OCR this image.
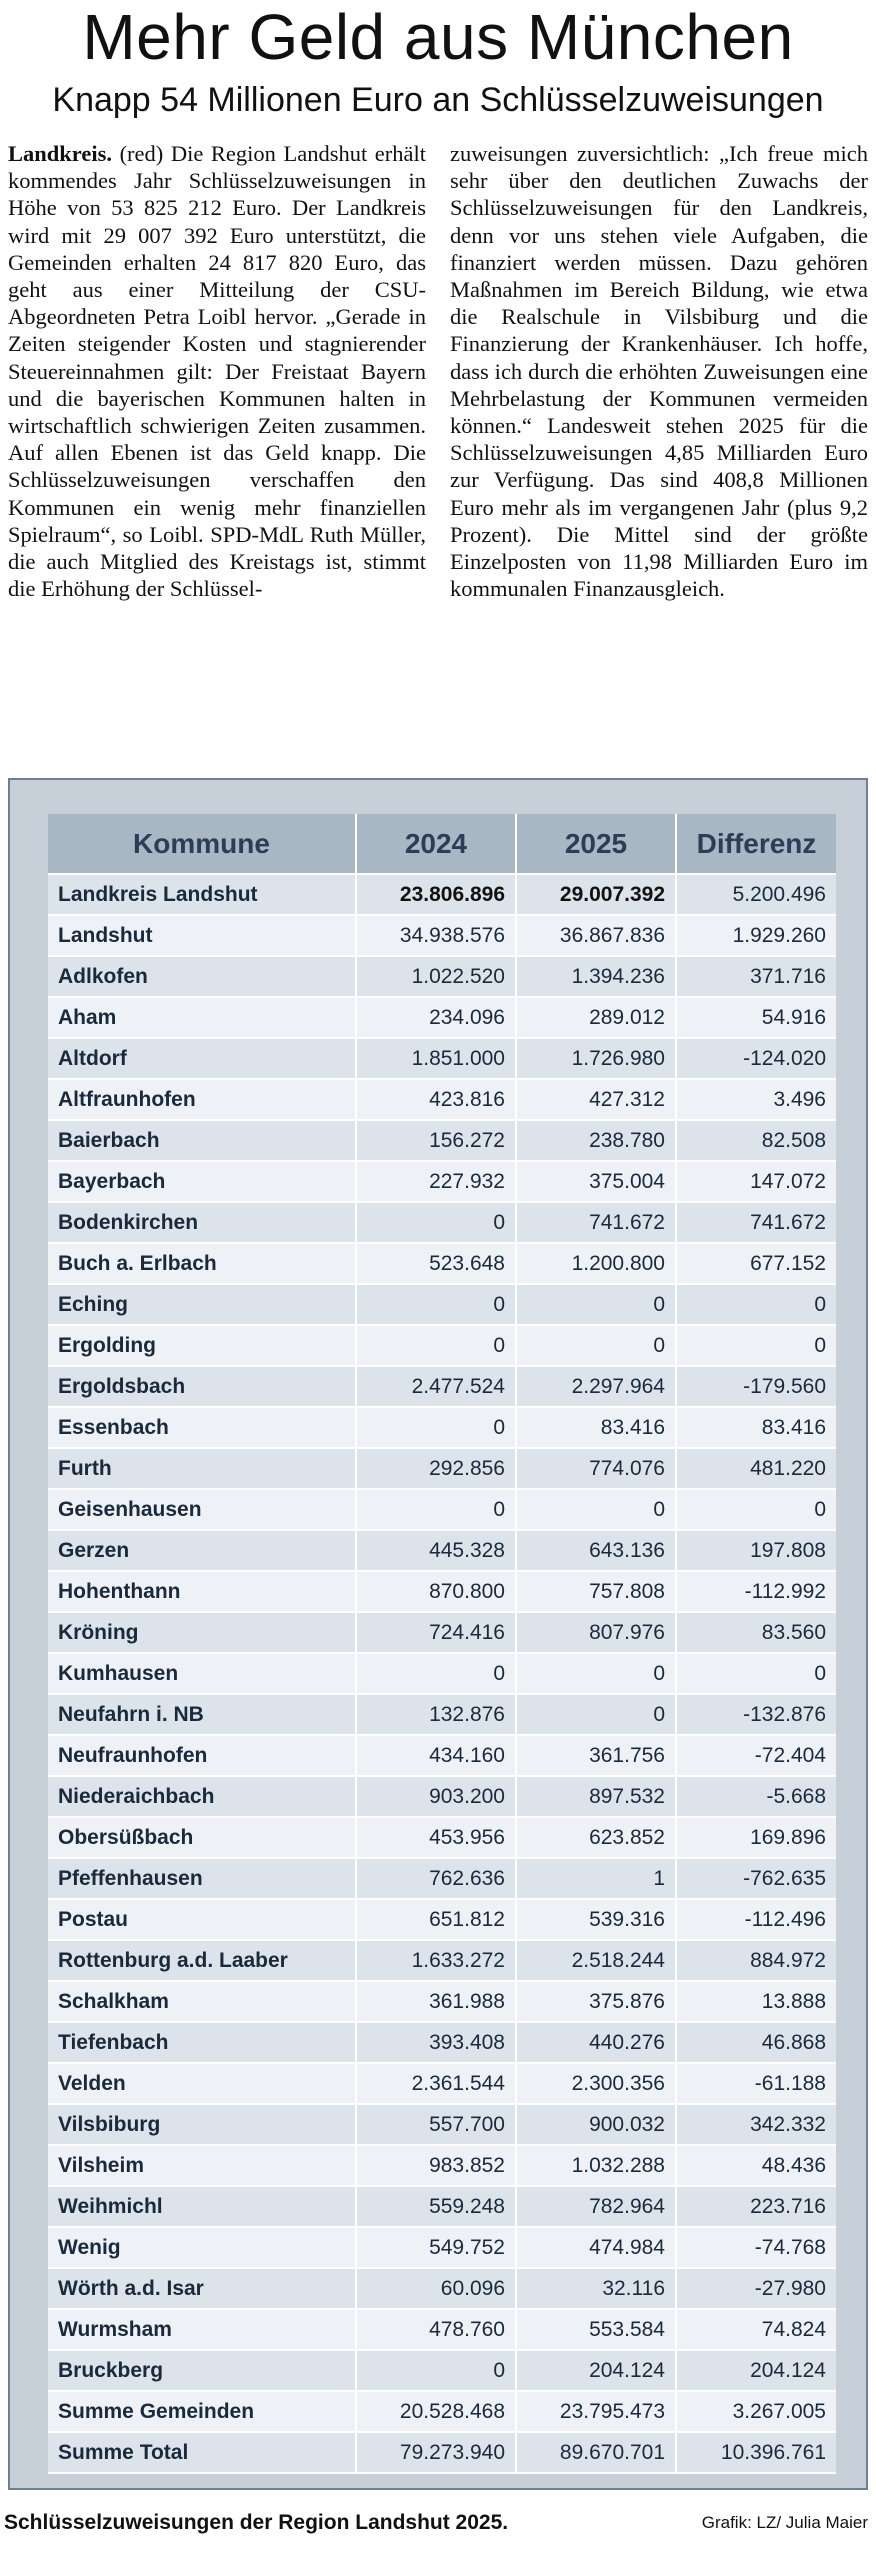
Mehr Geld aus München
Knapp 54 Millionen Euro an Schlüsselzuweisungen

Landkreis. (red) Die Region Landshut erhält kommendes Jahr Schlüsselzuweisungen in Höhe von 53 825 212 Euro. Der Landkreis wird mit 29 007 392 Euro unterstützt, die Gemeinden erhalten 24 817 820 Euro, das geht aus einer Mitteilung der CSU-Abgeordneten Petra Loibl hervor. „Gerade in Zeiten steigender Kosten und stagnierender Steuereinnahmen gilt: Der Freistaat Bayern und die bayerischen Kommunen halten in wirtschaftlich schwierigen Zeiten zusammen. Auf allen Ebenen ist das Geld knapp. Die Schlüsselzuweisungen verschaffen den Kommunen ein wenig mehr finanziellen Spielraum“, so Loibl. SPD-MdL Ruth Müller, die auch Mitglied des Kreistags ist, stimmt die Erhöhung der Schlüssel-

zuweisungen zuversichtlich: „Ich freue mich sehr über den deutlichen Zuwachs der Schlüsselzuweisungen für den Landkreis, denn vor uns stehen viele Aufgaben, die finanziert werden müssen. Dazu gehören Maßnahmen im Bereich Bildung, wie etwa die Realschule in Vilsbiburg und die Finanzierung der Krankenhäuser. Ich hoffe, dass ich durch die erhöhten Zuweisungen eine Mehrbelastung der Kommunen vermeiden können.“ Landesweit stehen 2025 für die Schlüsselzuweisungen 4,85 Milliarden Euro zur Verfügung. Das sind 408,8 Millionen Euro mehr als im vergangenen Jahr (plus 9,2 Prozent). Die Mittel sind der größte Einzelposten von 11,98 Milliarden Euro im kommunalen Finanzausgleich.

Kommune	2024	2025	Differenz
Landkreis Landshut	23.806.896	29.007.392	5.200.496
Landshut	34.938.576	36.867.836	1.929.260
Adlkofen	1.022.520	1.394.236	371.716
Aham	234.096	289.012	54.916
Altdorf	1.851.000	1.726.980	-124.020
Altfraunhofen	423.816	427.312	3.496
Baierbach	156.272	238.780	82.508
Bayerbach	227.932	375.004	147.072
Bodenkirchen	0	741.672	741.672
Buch a. Erlbach	523.648	1.200.800	677.152
Eching	0	0	0
Ergolding	0	0	0
Ergoldsbach	2.477.524	2.297.964	-179.560
Essenbach	0	83.416	83.416
Furth	292.856	774.076	481.220
Geisenhausen	0	0	0
Gerzen	445.328	643.136	197.808
Hohenthann	870.800	757.808	-112.992
Kröning	724.416	807.976	83.560
Kumhausen	0	0	0
Neufahrn i. NB	132.876	0	-132.876
Neufraunhofen	434.160	361.756	-72.404
Niederaichbach	903.200	897.532	-5.668
Obersüßbach	453.956	623.852	169.896
Pfeffenhausen	762.636	1	-762.635
Postau	651.812	539.316	-112.496
Rottenburg a.d. Laaber	1.633.272	2.518.244	884.972
Schalkham	361.988	375.876	13.888
Tiefenbach	393.408	440.276	46.868
Velden	2.361.544	2.300.356	-61.188
Vilsbiburg	557.700	900.032	342.332
Vilsheim	983.852	1.032.288	48.436
Weihmichl	559.248	782.964	223.716
Wenig	549.752	474.984	-74.768
Wörth a.d. Isar	60.096	32.116	-27.980
Wurmsham	478.760	553.584	74.824
Bruckberg	0	204.124	204.124
Summe Gemeinden	20.528.468	23.795.473	3.267.005
Summe Total	79.273.940	89.670.701	10.396.761
Schlüsselzuweisungen der Region Landshut 2025.	Grafik: LZ/ Julia Maier
